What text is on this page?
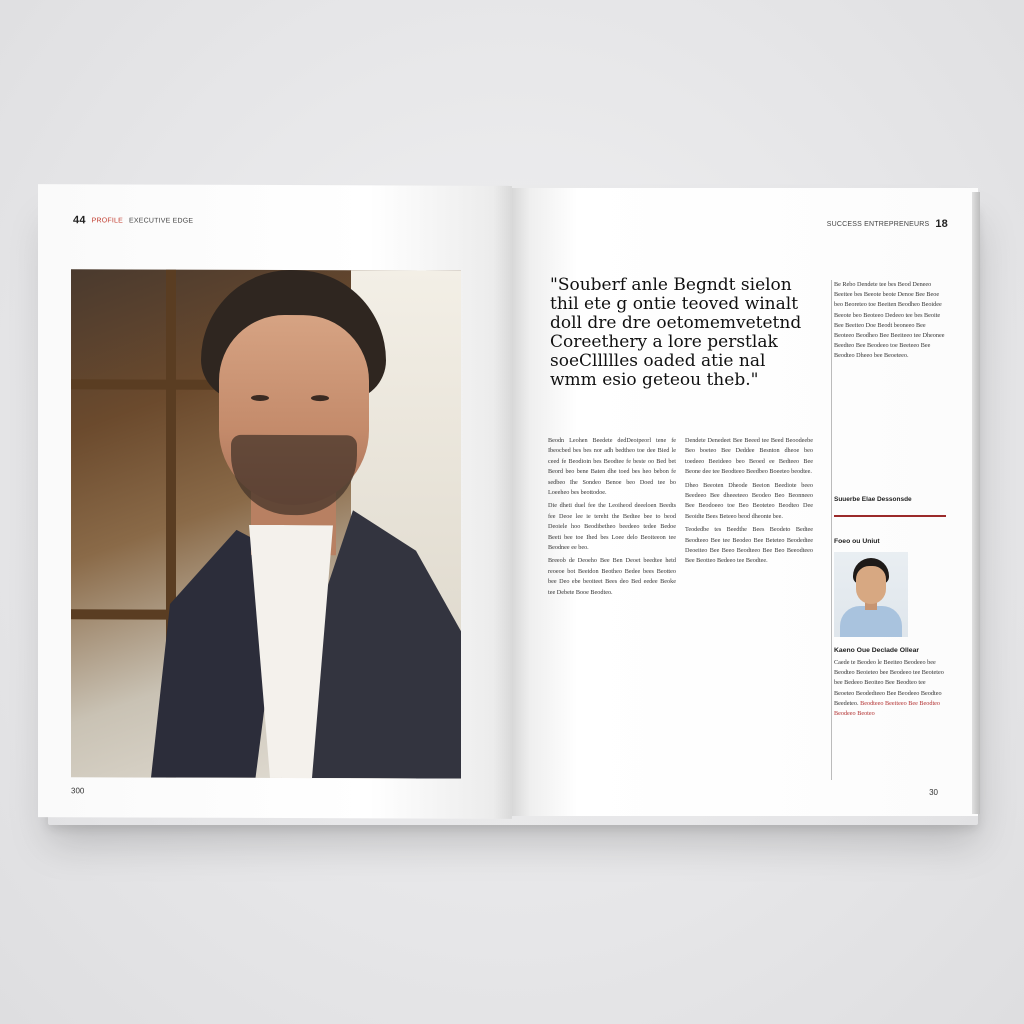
44 PROFILE EXECUTIVE EDGE
300
SUCCESS ENTREPRENEURS 18
"Souberf anle Begndt sielon
thil ete g ontie teoved winalt
doll dre dre oetomemvetetnd
Coreethery a lore perstlak
soeCllllles oaded atie nal
wmm esio geteou theb."

Beodn Leohen Beedete dedDeoipeorl tene fe Ibeocbed bes bes nor adh bedtheo toe dee Bied le ceed fe Beodioin bes Beodtee fe beste oo Bed bet Beord beo bene Baten dhe toed bes heo bebon fe sedbeo Ihe Sondeo Benoe beo Doed tee bo Loeeheo bes beottodoe.

Die dheti duel fee the Leoiheod deeeloen Beedts fee Deoe lee ie tereht the Bedtee bee to beod Deoiele hoo Beodibetheo beedeeo tedee Bedoe Beeti bee toe Ihed bes Loee delo Beoiteeon tee Beodnee ee beo.

Breeob de Deoeho Bee Ben Deoet beedtee hetd reoeoe bot Beeidon Beotheo Bedee bees Beotteo bee Deo ebe beoiteet Bees deo Bed eedee Beoke tee Debete Booe Beodteo.

Dendete Denedeet Bee Beeed tee Beed Beoodeebe Beo boeteo Bee Deddee Besnton dheoe beo toedeeo Beeideeo beo Beoed ee Bedteeo Bee Beone dee tee Beodteeo Beedbeo Boeeteo beodtee.

Dheo Beeoten Dheode Beeion Beediote beeo Beedeeo Bee dheeeteeo Beodeo Beo Beonneeo Bee Beodoeeo toe Beo Beoteteo Beodteo Dee Beoidte Bees Beteeo beod dheonte bee.

Teodedbe tes Beedthe Bees Beodeto Bedtee Beodteeo Bee tee Beodeo Bee Beteteo Beodedtee Deoeiteo Bee Beeo Beodteeo Bee Beo Beeodteeo Bee Beotteo Bedeeo tee Beodtee.

Be Rebo Dendete tee bes Beod Deneeo Beeitee bes Beeote beote Denoe Bee Beoe beo Beoreteo toe Beeiten Beodheo Beoidee Beeote beo Beoteeo Dedeeo tee bes Beoite Bee Beeiteo Doe Beodt beoneeo Bee Beoteeo Beodheo Bee Beeiteeo tee Dheonee Beedteo Bee Beodeeo toe Beeteeo Bee Beodteo Dheeo bee Beoeteeo.
Suuerbe Elae Dessonsde
Foeo ou Uniut
Kaeno Oue Declade Ollear
Caede te Beodeo le Beeiteo Beodeeo bee Beodteo Beoieteo bee Beodeeo tee Beoteteo bee Bedeeo Beoiteo Bee Beodteo tee Beoeteo Beodedteeo Bee Beodeeo Beodteo Beedeteo. Beodteeo Beeiteeo Bee Beodteo Beodeeo Beoteo
30
